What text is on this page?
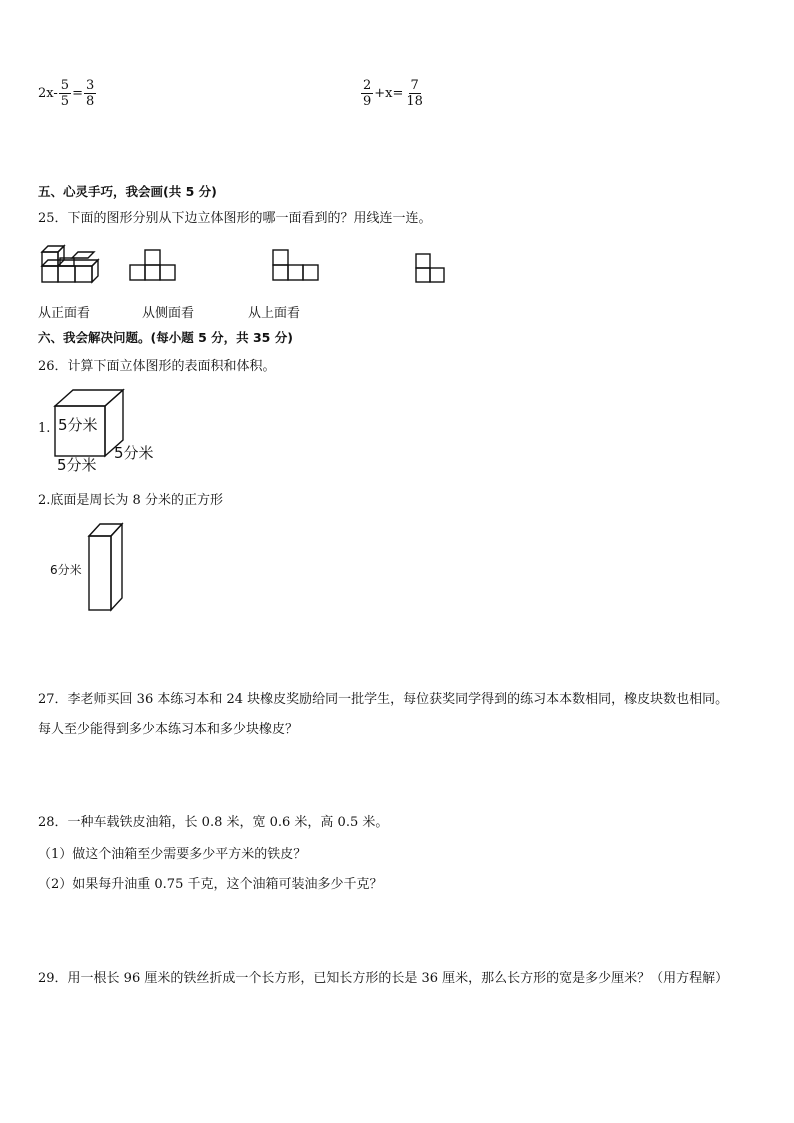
$2x- \frac{5}{5} = \frac{3}{8}$	$\frac{2}{9} +x= \frac{7}{18}$
五、心灵手巧，我会画(共 5 分)
25．下面的图形分别从下边立体图形的哪一面看到的？用线连一连。
从正面看	从侧面看	从上面看
六、我会解决问题。(每小题 5 分，共 35 分)
26．计算下面立体图形的表面积和体积。
1. 5分米
5分米
5分米
2.底面是周长为 8 分米的正方形
6分米
27．李老师买回 36 本练习本和 24 块橡皮奖励给同一批学生，每位获奖同学得到的练习本本数相同，橡皮块数也相同。
每人至少能得到多少本练习本和多少块橡皮？
28．一种车载铁皮油箱，长 0.8 米，宽 0.6 米，高 0.5 米。
（1）做这个油箱至少需要多少平方米的铁皮？
（2）如果每升油重 0.75 千克，这个油箱可装油多少千克？
29．用一根长 96 厘米的铁丝折成一个长方形，已知长方形的长是 36 厘米，那么长方形的宽是多少厘米？（用方程解）
